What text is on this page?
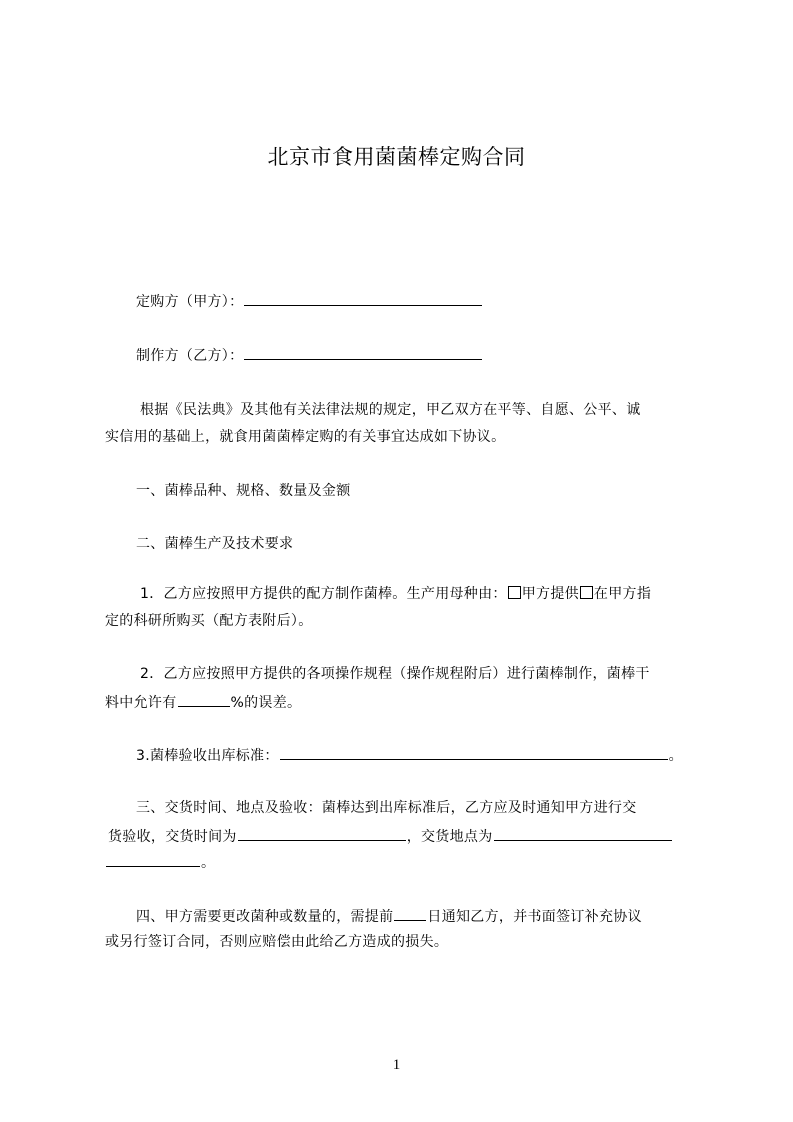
北京市食用菌菌棒定购合同
定购方（甲方）：
制作方（乙方）：
根据《民法典》及其他有关法律法规的规定，甲乙双方在平等、自愿、公平、诚
实信用的基础上，就食用菌菌棒定购的有关事宜达成如下协议。
一、菌棒品种、规格、数量及金额
二、菌棒生产及技术要求
1．乙方应按照甲方提供的配方制作菌棒。生产用母种由： 甲方提供 在甲方指
定的科研所购买（配方表附后）。
2．乙方应按照甲方提供的各项操作规程（操作规程附后）进行菌棒制作，菌棒干
料中允许有	%的误差。
3.菌棒验收出库标准：	。
三、交货时间、地点及验收：菌棒达到出库标准后，乙方应及时通知甲方进行交
货验收，交货时间为	，交货地点为
。
四、甲方需要更改菌种或数量的，需提前 日通知乙方，并书面签订补充协议
或另行签订合同，否则应赔偿由此给乙方造成的损失。
1
